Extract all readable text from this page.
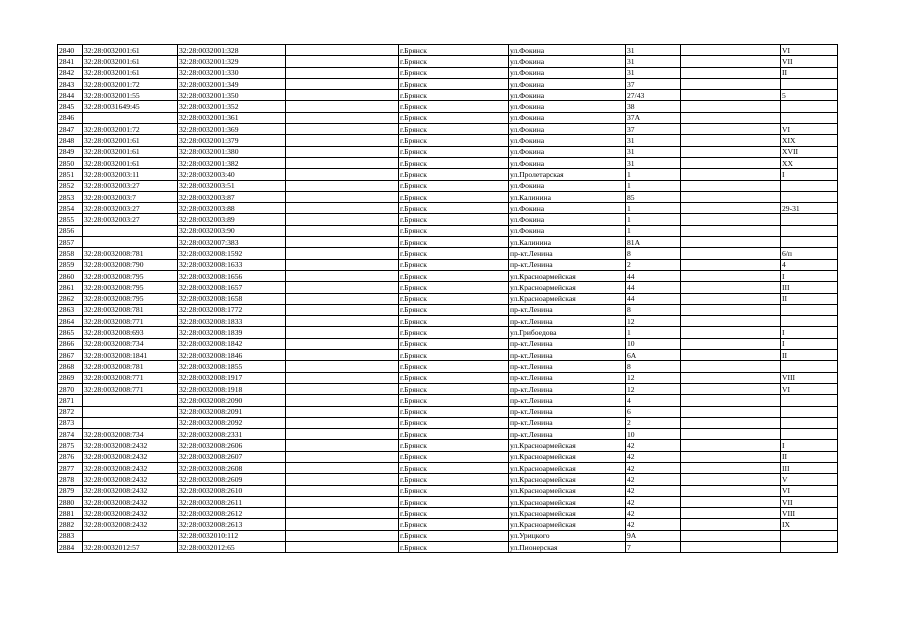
2840	32:28:0032001:61	32:28:0032001:328		г.Брянск	ул.Фокина	31		VI
2841	32:28:0032001:61	32:28:0032001:329		г.Брянск	ул.Фокина	31		VII
2842	32:28:0032001:61	32:28:0032001:330		г.Брянск	ул.Фокина	31		II
2843	32:28:0032001:72	32:28:0032001:349		г.Брянск	ул.Фокина	37		
2844	32:28:0032001:55	32:28:0032001:350		г.Брянск	ул.Фокина	27/43		5
2845	32:28:0031649:45	32:28:0032001:352		г.Брянск	ул.Фокина	38		
2846		32:28:0032001:361		г.Брянск	ул.Фокина	37А		
2847	32:28:0032001:72	32:28:0032001:369		г.Брянск	ул.Фокина	37		VI
2848	32:28:0032001:61	32:28:0032001:379		г.Брянск	ул.Фокина	31		XIX
2849	32:28:0032001:61	32:28:0032001:380		г.Брянск	ул.Фокина	31		XVII
2850	32:28:0032001:61	32:28:0032001:382		г.Брянск	ул.Фокина	31		XX
2851	32:28:0032003:11	32:28:0032003:40		г.Брянск	ул.Пролетарская	1		I
2852	32:28:0032003:27	32:28:0032003:51		г.Брянск	ул.Фокина	1		
2853	32:28:0032003:7	32:28:0032003:87		г.Брянск	ул.Калинина	85		
2854	32:28:0032003:27	32:28:0032003:88		г.Брянск	ул.Фокина	1		29-31
2855	32:28:0032003:27	32:28:0032003:89		г.Брянск	ул.Фокина	1		
2856		32:28:0032003:90		г.Брянск	ул.Фокина	1		
2857		32:28:0032007:383		г.Брянск	ул.Калинина	81А		
2858	32:28:0032008:781	32:28:0032008:1592		г.Брянск	пр-кт.Ленина	8		6/п
2859	32:28:0032008:790	32:28:0032008:1633		г.Брянск	пр-кт.Ленина	2		4
2860	32:28:0032008:795	32:28:0032008:1656		г.Брянск	ул.Красноармейская	44		I
2861	32:28:0032008:795	32:28:0032008:1657		г.Брянск	ул.Красноармейская	44		III
2862	32:28:0032008:795	32:28:0032008:1658		г.Брянск	ул.Красноармейская	44		II
2863	32:28:0032008:781	32:28:0032008:1772		г.Брянск	пр-кт.Ленина	8		
2864	32:28:0032008:771	32:28:0032008:1833		г.Брянск	пр-кт.Ленина	12		
2865	32:28:0032008:693	32:28:0032008:1839		г.Брянск	ул.Грибоедова	1		I
2866	32:28:0032008:734	32:28:0032008:1842		г.Брянск	пр-кт.Ленина	10		I
2867	32:28:0032008:1841	32:28:0032008:1846		г.Брянск	пр-кт.Ленина	6А		II
2868	32:28:0032008:781	32:28:0032008:1855		г.Брянск	пр-кт.Ленина	8		
2869	32:28:0032008:771	32:28:0032008:1917		г.Брянск	пр-кт.Ленина	12		VIII
2870	32:28:0032008:771	32:28:0032008:1918		г.Брянск	пр-кт.Ленина	12		VI
2871		32:28:0032008:2090		г.Брянск	пр-кт.Ленина	4		
2872		32:28:0032008:2091		г.Брянск	пр-кт.Ленина	6		
2873		32:28:0032008:2092		г.Брянск	пр-кт.Ленина	2		
2874	32:28:0032008:734	32:28:0032008:2331		г.Брянск	пр-кт.Ленина	10		
2875	32:28:0032008:2432	32:28:0032008:2606		г.Брянск	ул.Красноармейская	42		I
2876	32:28:0032008:2432	32:28:0032008:2607		г.Брянск	ул.Красноармейская	42		II
2877	32:28:0032008:2432	32:28:0032008:2608		г.Брянск	ул.Красноармейская	42		III
2878	32:28:0032008:2432	32:28:0032008:2609		г.Брянск	ул.Красноармейская	42		V
2879	32:28:0032008:2432	32:28:0032008:2610		г.Брянск	ул.Красноармейская	42		VI
2880	32:28:0032008:2432	32:28:0032008:2611		г.Брянск	ул.Красноармейская	42		VII
2881	32:28:0032008:2432	32:28:0032008:2612		г.Брянск	ул.Красноармейская	42		VIII
2882	32:28:0032008:2432	32:28:0032008:2613		г.Брянск	ул.Красноармейская	42		IX
2883		32:28:0032010:112		г.Брянск	ул.Урицкого	9А		
2884	32:28:0032012:57	32:28:0032012:65		г.Брянск	ул.Пионерская	7		
